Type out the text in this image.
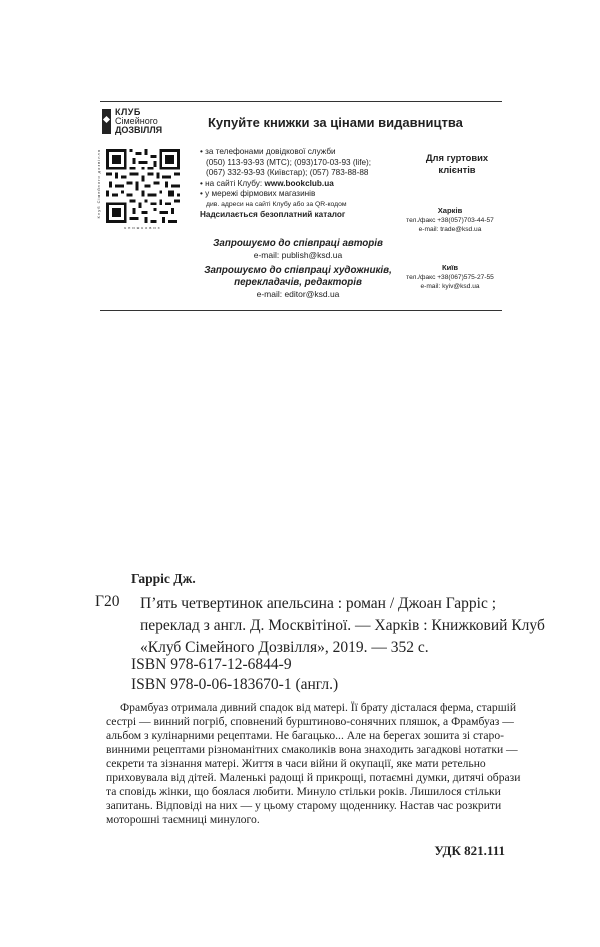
КЛУБ
Сімейного
ДОЗВІЛЛЯ	Купуйте книжки за цінами видавництва
Клуб Сімейного дозвілля
книжкових
• за телефонами довідкової служби
(050) 113-93-93 (МТС); (093)170-03-93 (life);
(067) 332-93-93 (Київстар); (057) 783-88-88
• на сайті Клубу: www.bookclub.ua
• у мережі фірмових магазинів
див. адреси на сайті Клубу або за QR-кодом
Надсилається безоплатний каталог
Запрошуємо до співпраці авторів
e-mail: publish@ksd.ua
Запрошуємо до співпраці художників,
перекладачів, редакторів
e-mail: editor@ksd.ua
Для гуртових
клієнтів
Харків
тел./факс +38(057)703-44-57
e-mail: trade@ksd.ua
Київ
тел./факс +38(067)575-27-55
e-mail: kyiv@ksd.ua
Гарріс Дж.
Г20 П’ять четвертинок апельсина : роман / Джоан Гарріс ;
переклад з англ. Д. Москвітіної. — Харків : Книжковий Клуб
«Клуб Сімейного Дозвілля», 2019. — 352 с.
ISBN 978-617-12-6844-9
ISBN 978-0-06-183670-1 (англ.)
Фрамбуаз отримала дивний спадок від матері. Її брату дісталася ферма, старшій
сестрі — винний погріб, сповнений бурштиново-сонячних пляшок, а Фрамбуаз —
альбом з кулінарними рецептами. Не багацько... Але на берегах зошита зі старо-
винними рецептами різноманітних смаколиків вона знаходить загадкові нотатки —
секрети та зізнання матері. Життя в часи війни й окупації, яке мати ретельно
приховувала від дітей. Маленькі радощі й прикрощі, потаємні думки, дитячі образи
та сповідь жінки, що боялася любити. Минуло стільки років. Лишилося стільки
запитань. Відповіді на них — у цьому старому щоденнику. Настав час розкрити
моторошні таємниці минулого.
УДК 821.111
